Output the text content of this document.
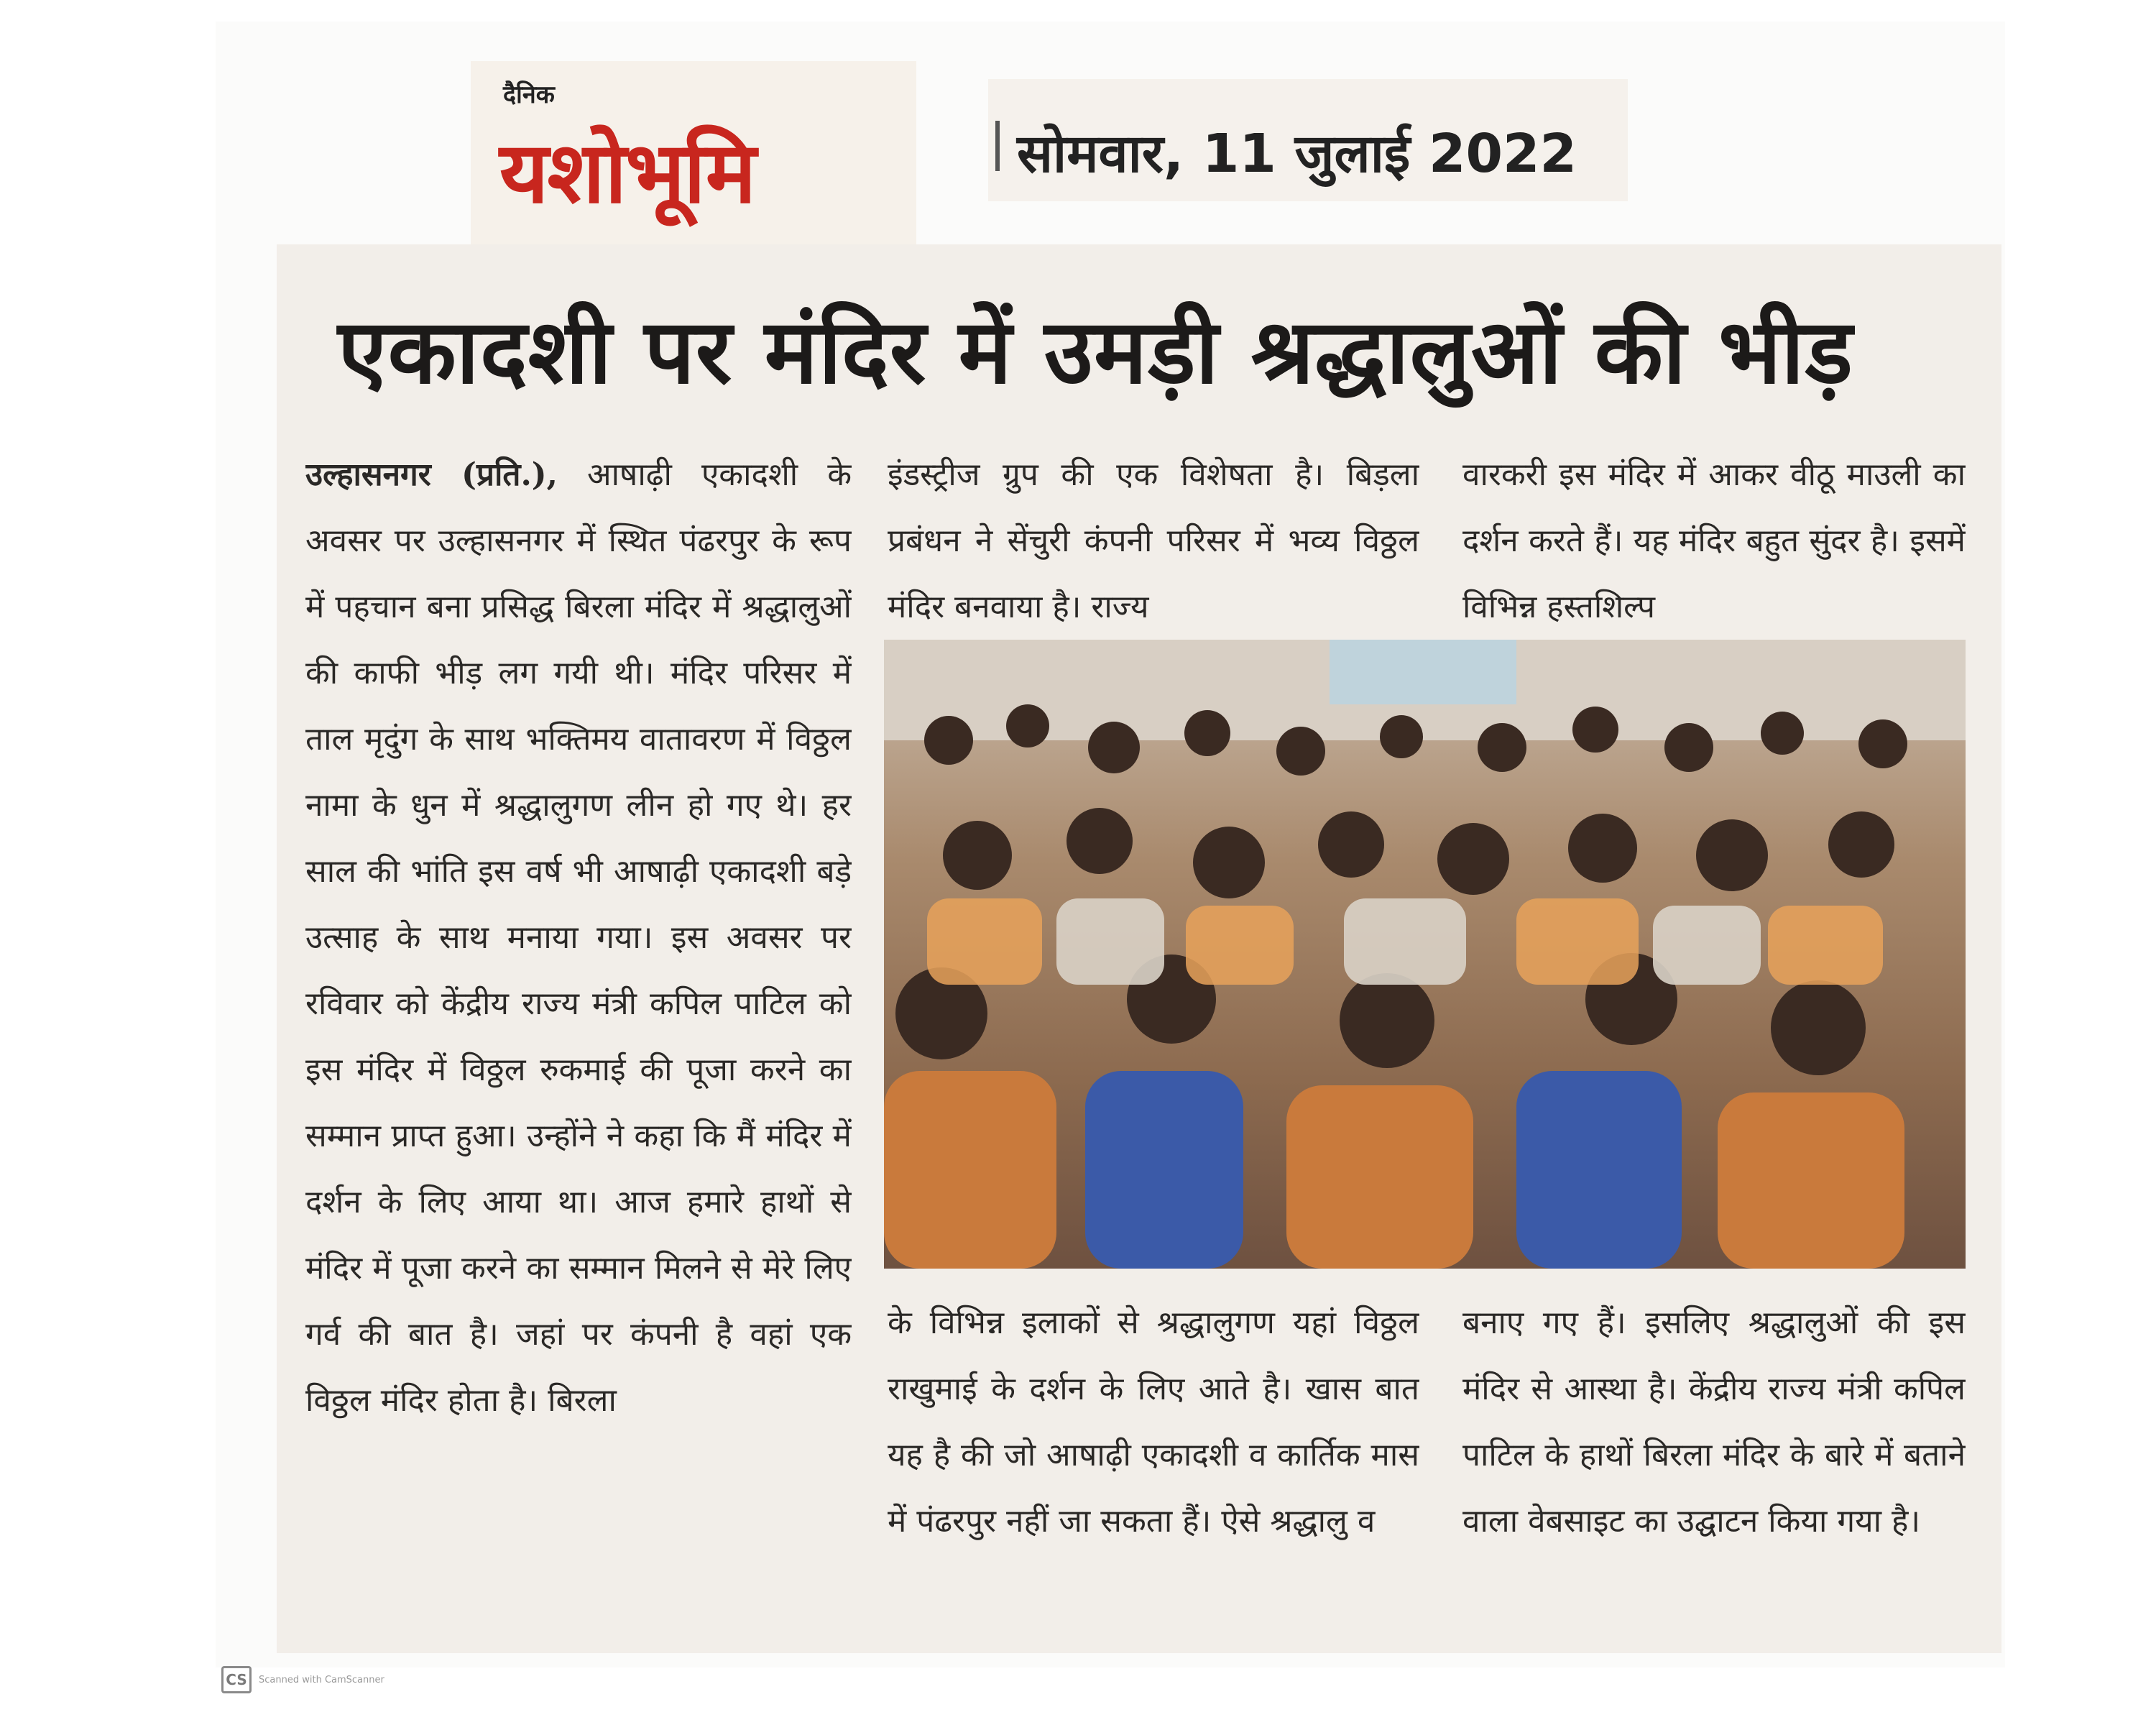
दैनिक
यशोभूमि	सोमवार, 11 जुलाई 2022
एकादशी पर मंदिर में उमड़ी श्रद्धालुओं की भीड़
उल्हासनगर (प्रति.), आषाढ़ी एकादशी के अवसर पर उल्हासनगर में स्थित पंढरपुर के रूप में पहचान बना प्रसिद्ध बिरला मंदिर में श्रद्धालुओं की काफी भीड़ लग गयी थी। मंदिर परिसर में ताल मृदुंग के साथ भक्तिमय वातावरण में विठ्ठल नामा के धुन में श्रद्धालुगण लीन हो गए थे। हर साल की भांति इस वर्ष भी आषाढ़ी एकादशी बड़े उत्साह के साथ मनाया गया। इस अवसर पर रविवार को केंद्रीय राज्य मंत्री कपिल पाटिल को इस मंदिर में विठ्ठल रुकमाई की पूजा करने का सम्मान प्राप्त हुआ। उन्होंने ने कहा कि मैं मंदिर में दर्शन के लिए आया था। आज हमारे हाथों से मंदिर में पूजा करने का सम्मान मिलने से मेरे लिए गर्व की बात है। जहां पर कंपनी है वहां एक विठ्ठल मंदिर होता है। बिरला
इंडस्ट्रीज ग्रुप की एक विशेषता है। बिड़ला प्रबंधन ने सेंचुरी कंपनी परिसर में भव्य विठ्ठल मंदिर बनवाया है। राज्य
वारकरी इस मंदिर में आकर वीठू माउली का दर्शन करते हैं। यह मंदिर बहुत सुंदर है। इसमें विभिन्न हस्तशिल्प
के विभिन्न इलाकों से श्रद्धालुगण यहां विठ्ठल राखुमाई के दर्शन के लिए आते है। खास बात यह है की जो आषाढ़ी एकादशी व कार्तिक मास में पंढरपुर नहीं जा सकता हैं। ऐसे श्रद्धालु व
बनाए गए हैं। इसलिए श्रद्धालुओं की इस मंदिर से आस्था है। केंद्रीय राज्य मंत्री कपिल पाटिल के हाथों बिरला मंदिर के बारे में बताने वाला वेबसाइट का उद्घाटन किया गया है।
CS	Scanned with CamScanner
